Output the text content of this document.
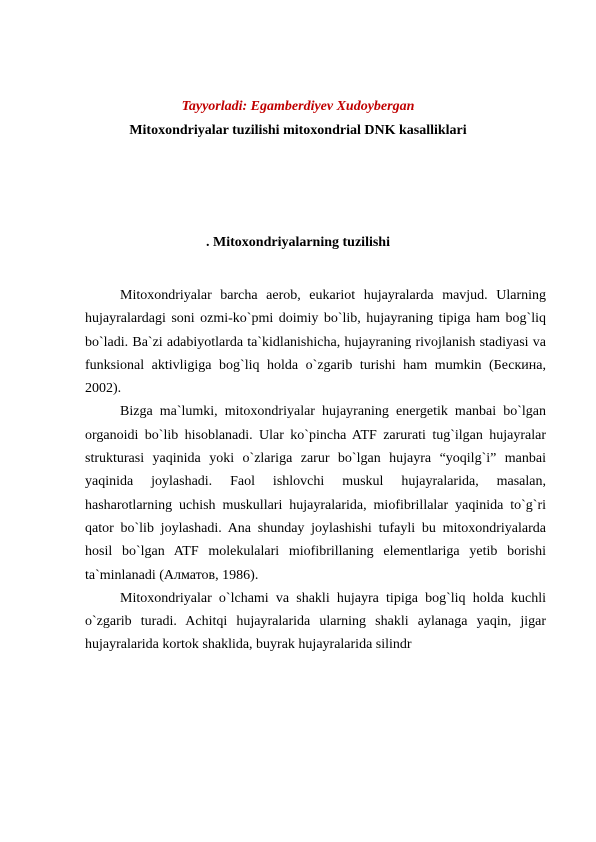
Tayyorladi: Egamberdiyev Xudoybergan
Mitoxondriyalar tuzilishi mitoxondrial DNK kasalliklari
. Mitoxondriyalarning tuzilishi

Mitoxondriyalar barcha aerob, eukariot hujayralarda mavjud. Ularning hujayralardagi soni ozmi-ko`pmi doimiy bo`lib, hujayraning tipiga ham bog`liq bo`ladi. Ba`zi adabiyotlarda ta`kidlanishicha, hujayraning rivojlanish stadiyasi va funksional aktivligiga bog`liq holda o`zgarib turishi ham mumkin (Бескина, 2002).

Bizga ma`lumki, mitoxondriyalar hujayraning energetik manbai bo`lgan organoidi bo`lib hisoblanadi. Ular ko`pincha ATF zarurati tug`ilgan hujayralar strukturasi yaqinida yoki o`zlariga zarur bo`lgan hujayra “yoqilg`i” manbai yaqinida joylashadi. Faol ishlovchi muskul hujayralarida, masalan, hasharotlarning uchish muskullari hujayralarida, miofibrillalar yaqinida to`g`ri qator bo`lib joylashadi. Ana shunday joylashishi tufayli bu mitoxondriyalarda hosil bo`lgan ATF molekulalari miofibrillaning elementlariga yetib borishi ta`minlanadi (Алматов, 1986).

Mitoxondriyalar o`lchami va shakli hujayra tipiga bog`liq holda kuchli o`zgarib turadi. Achitqi hujayralarida ularning shakli aylanaga yaqin, jigar hujayralarida kortok shaklida, buyrak hujayralarida silindr
